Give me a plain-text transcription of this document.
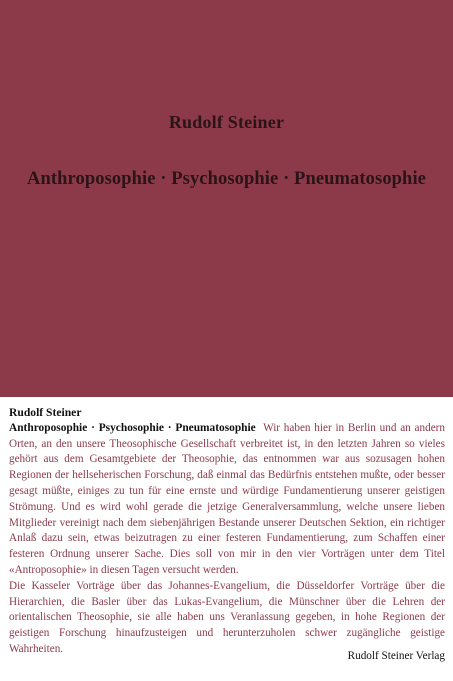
Rudolf Steiner
Anthroposophie · Psychosophie · Pneumatosophie
Rudolf Steiner

Anthroposophie · Psychosophie · Pneumatosophie Wir haben hier in Berlin und an andern Orten, an den unsere Theosophische Gesellschaft verbreitet ist, in den letzten Jahren so vieles gehört aus dem Gesamtgebiete der Theosophie, das entnommen war aus sozusagen hohen Regionen der hellseherischen Forschung, daß einmal das Bedürfnis entstehen mußte, oder besser gesagt müßte, einiges zu tun für eine ernste und würdige Fundamentierung unserer geistigen Strömung. Und es wird wohl gerade die jetzige Generalversammlung, welche unsere lieben Mitglieder vereinigt nach dem siebenjährigen Bestande unserer Deutschen Sektion, ein richtiger Anlaß dazu sein, etwas beizutragen zu einer festeren Fundamentierung, zum Schaffen einer festeren Ordnung unserer Sache. Dies soll von mir in den vier Vorträgen unter dem Titel «Antroposophie» in diesen Tagen versucht werden.

Die Kasseler Vorträge über das Johannes-Evangelium, die Düsseldorfer Vorträge über die Hierarchien, die Basler über das Lukas-Evangelium, die Münschner über die Lehren der orientalischen Theosophie, sie alle haben uns Veranlassung gegeben, in hohe Regionen der geistigen Forschung hinaufzusteigen und herunterzuholen schwer zugängliche geistige Wahrheiten.

Rudolf Steiner Verlag
